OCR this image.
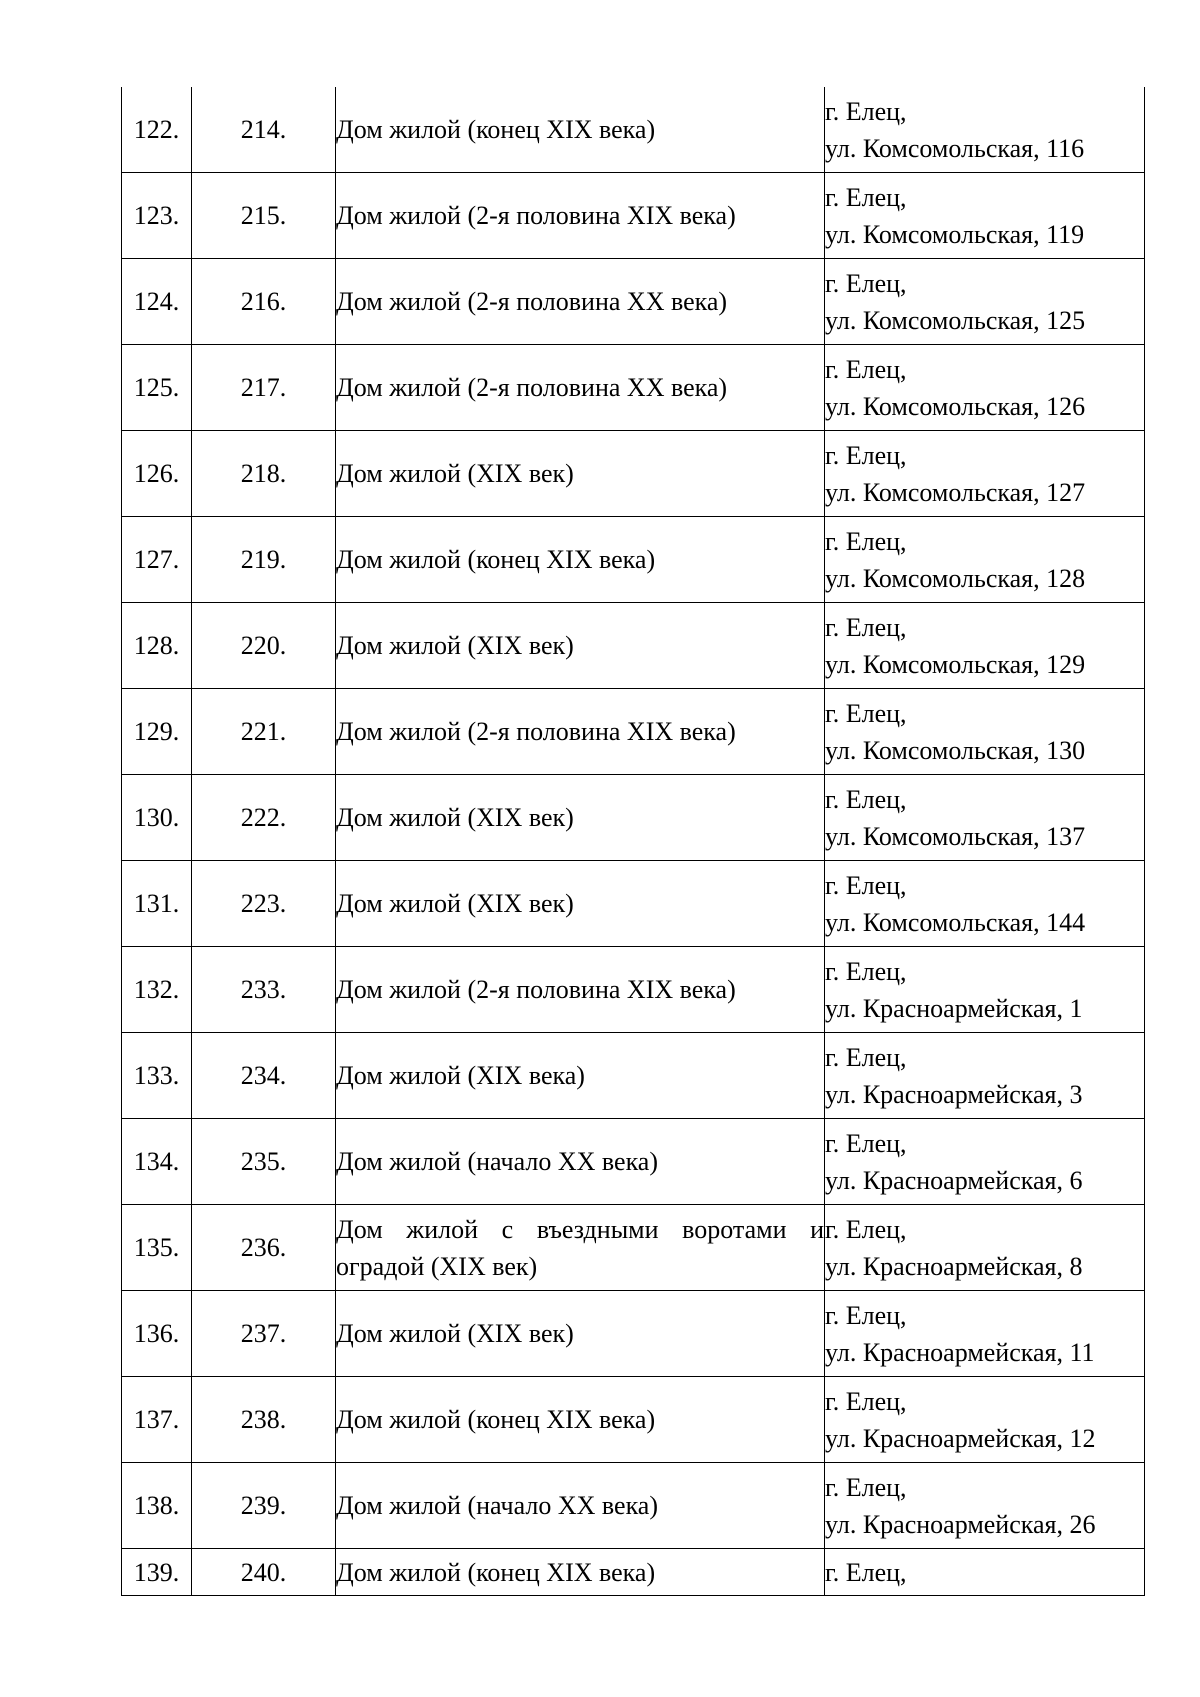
122.	214.	Дом жилой (конец XIX века)	г. Елец,
ул. Комсомольская, 116

123.	215.	Дом жилой (2-я половина XIX века)	г. Елец,
ул. Комсомольская, 119

124.	216.	Дом жилой (2-я половина XX века)	г. Елец,
ул. Комсомольская, 125

125.	217.	Дом жилой (2-я половина XX века)	г. Елец,
ул. Комсомольская, 126

126.	218.	Дом жилой (XIX век)	г. Елец,
ул. Комсомольская, 127

127.	219.	Дом жилой (конец XIX века)	г. Елец,
ул. Комсомольская, 128

128.	220.	Дом жилой (XIX век)	г. Елец,
ул. Комсомольская, 129

129.	221.	Дом жилой (2-я половина XIX века)	г. Елец,
ул. Комсомольская, 130

130.	222.	Дом жилой (XIX век)	г. Елец,
ул. Комсомольская, 137

131.	223.	Дом жилой (XIX век)	г. Елец,
ул. Комсомольская, 144

132.	233.	Дом жилой (2-я половина XIX века)	г. Елец,
ул. Красноармейская, 1

133.	234.	Дом жилой (XIX века)	г. Елец,
ул. Красноармейская, 3

134.	235.	Дом жилой (начало XX века)	г. Елец,
ул. Красноармейская, 6

135.	236.	Дом жилой с въездными воротами и оградой (XIX век)	г. Елец,
ул. Красноармейская, 8

136.	237.	Дом жилой (XIX век)	г. Елец,
ул. Красноармейская, 11

137.	238.	Дом жилой (конец XIX века)	г. Елец,
ул. Красноармейская, 12

138.	239.	Дом жилой (начало XX века)	г. Елец,
ул. Красноармейская, 26

139.	240.	Дом жилой (конец XIX века)	г. Елец,
